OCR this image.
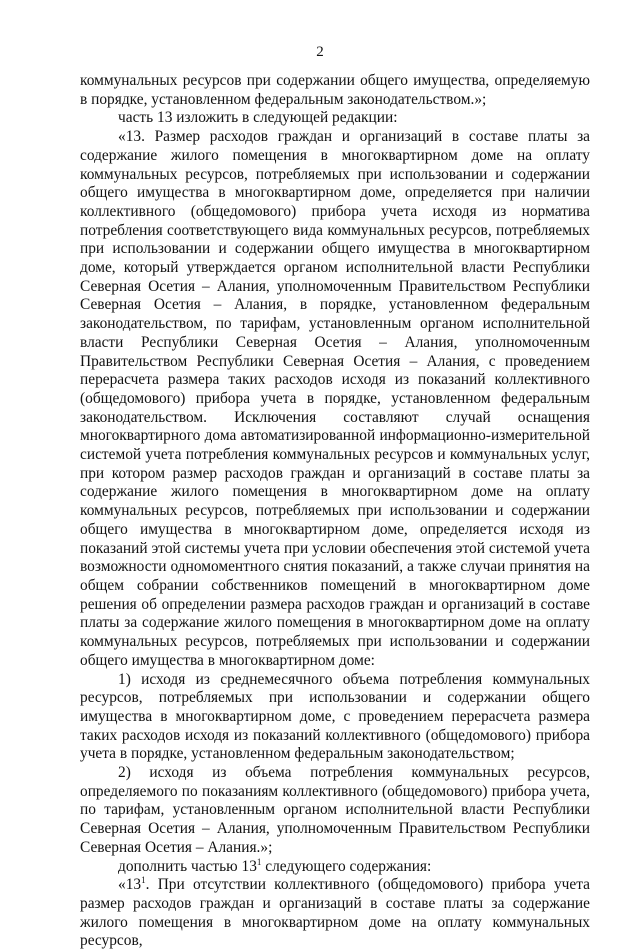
2

коммунальных ресурсов при содержании общего имущества, определяемую в порядке, установленном федеральным законодательством.»;

часть 13 изложить в следующей редакции:

«13. Размер расходов граждан и организаций в составе платы за содержание жилого помещения в многоквартирном доме на оплату коммунальных ресурсов, потребляемых при использовании и содержании общего имущества в многоквартирном доме, определяется при наличии коллективного (общедомового) прибора учета исходя из норматива потребления соответствующего вида коммунальных ресурсов, потребляемых при использовании и содержании общего имущества в многоквартирном доме, который утверждается органом исполнительной власти Республики Северная Осетия – Алания, уполномоченным Правительством Республики Северная Осетия – Алания, в порядке, установленном федеральным законодательством, по тарифам, установленным органом исполнительной власти Республики Северная Осетия – Алания, уполномоченным Правительством Республики Северная Осетия – Алания, с проведением перерасчета размера таких расходов исходя из показаний коллективного (общедомового) прибора учета в порядке, установленном федеральным законодательством. Исключения составляют случай оснащения многоквартирного дома автоматизированной информационно-измерительной системой учета потребления коммунальных ресурсов и коммунальных услуг, при котором размер расходов граждан и организаций в составе платы за содержание жилого помещения в многоквартирном доме на оплату коммунальных ресурсов, потребляемых при использовании и содержании общего имущества в многоквартирном доме, определяется исходя из показаний этой системы учета при условии обеспечения этой системой учета возможности одномоментного снятия показаний, а также случаи принятия на общем собрании собственников помещений в многоквартирном доме решения об определении размера расходов граждан и организаций в составе платы за содержание жилого помещения в многоквартирном доме на оплату коммунальных ресурсов, потребляемых при использовании и содержании общего имущества в многоквартирном доме:

1) исходя из среднемесячного объема потребления коммунальных ресурсов, потребляемых при использовании и содержании общего имущества в многоквартирном доме, с проведением перерасчета размера таких расходов исходя из показаний коллективного (общедомового) прибора учета в порядке, установленном федеральным законодательством;

2) исходя из объема потребления коммунальных ресурсов, определяемого по показаниям коллективного (общедомового) прибора учета, по тарифам, установленным органом исполнительной власти Республики Северная Осетия – Алания, уполномоченным Правительством Республики Северная Осетия – Алания.»;

дополнить частью $13^1$ следующего содержания:

«$13^1$. При отсутствии коллективного (общедомового) прибора учета размер расходов граждан и организаций в составе платы за содержание жилого помещения в многоквартирном доме на оплату коммунальных ресурсов,
